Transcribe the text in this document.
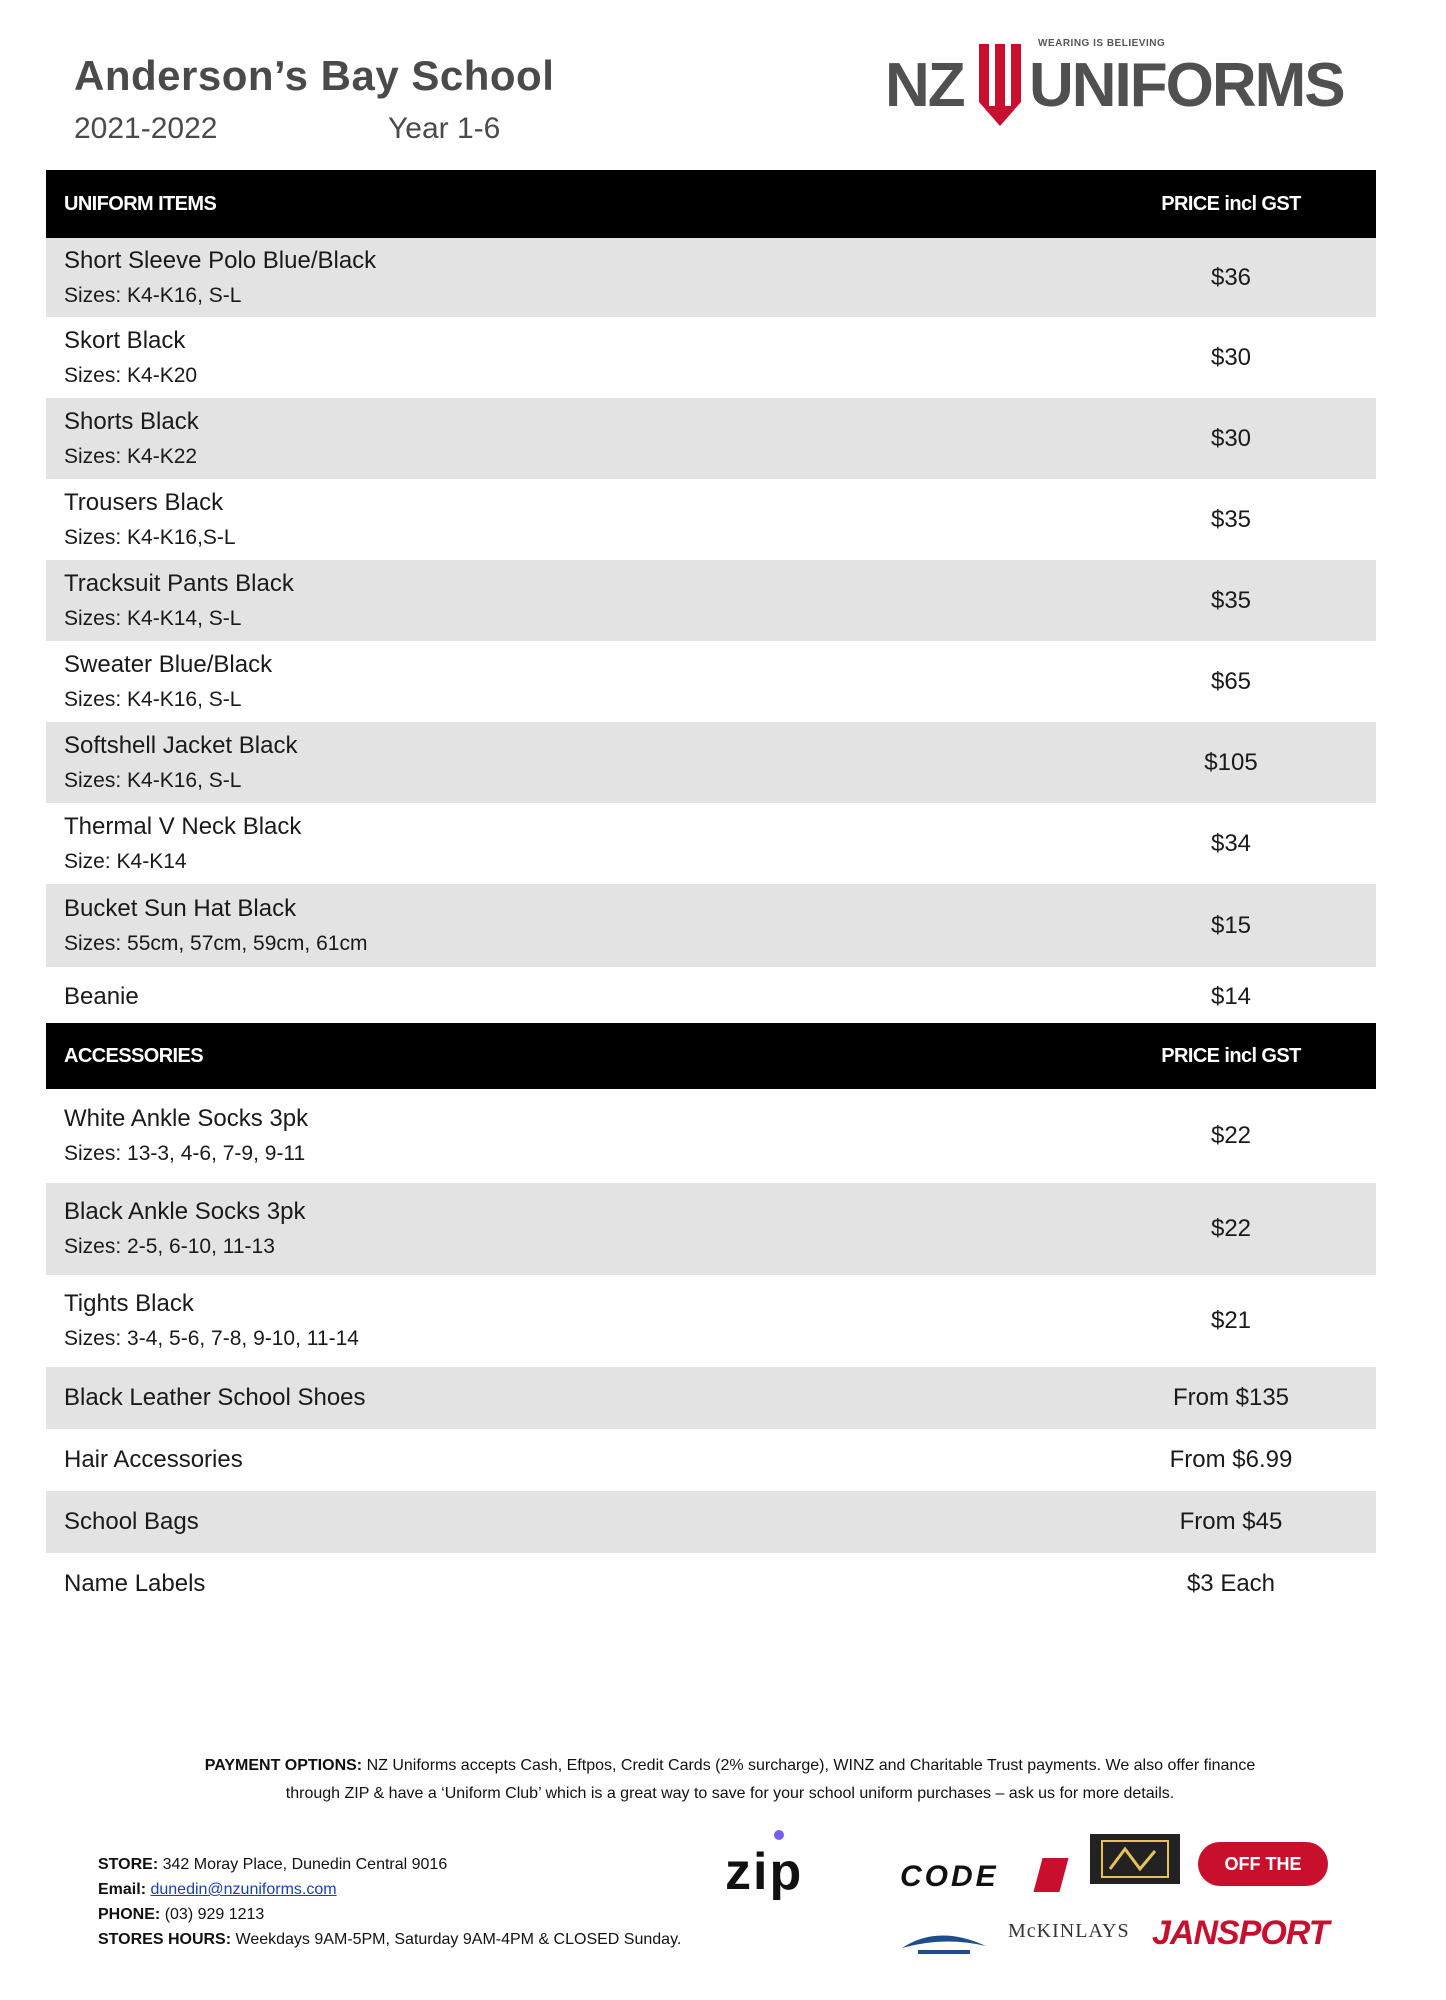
Anderson’s Bay School
2021-2022	Year 1-6
WEARING IS BELIEVING
NZ UNIFORMS
UNIFORM ITEMS	PRICE incl GST
Short Sleeve Polo Blue/Black
Sizes: K4-K16, S-L
$36
Skort Black
Sizes: K4-K20
$30
Shorts Black
Sizes: K4-K22
$30
Trousers Black
Sizes: K4-K16,S-L
$35
Tracksuit Pants Black
Sizes: K4-K14, S-L
$35
Sweater Blue/Black
Sizes: K4-K16, S-L
$65
Softshell Jacket Black
Sizes: K4-K16, S-L
$105
Thermal V Neck Black
Size: K4-K14
$34
Bucket Sun Hat Black
Sizes: 55cm, 57cm, 59cm, 61cm
$15
Beanie	$14
ACCESSORIES	PRICE incl GST
White Ankle Socks 3pk
Sizes: 13-3, 4-6, 7-9, 9-11
$22
Black Ankle Socks 3pk
Sizes: 2-5, 6-10, 11-13
$22
Tights Black
Sizes: 3-4, 5-6, 7-8, 9-10, 11-14
$21
Black Leather School Shoes	From $135
Hair Accessories	From $6.99
School Bags	From $45
Name Labels	$3 Each
PAYMENT OPTIONS: NZ Uniforms accepts Cash, Eftpos, Credit Cards (2% surcharge), WINZ and Charitable Trust payments. We also offer finance
through ZIP & have a ‘Uniform Club’ which is a great way to save for your school uniform purchases – ask us for more details.
STORE: 342 Moray Place, Dunedin Central 9016
Email: dunedin@nzuniforms.com
PHONE: (03) 929 1213
STORES HOURS: Weekdays 9AM-5PM, Saturday 9AM-4PM & CLOSED Sunday.
zip	CODE	OFF THE WALL
McKINLAYS JANSPORT
